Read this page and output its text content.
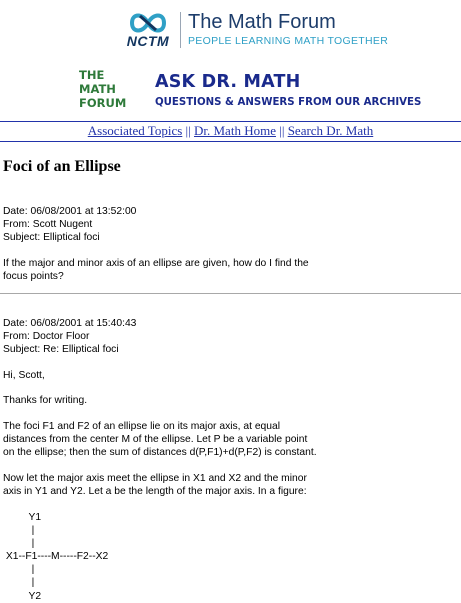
NCTM
The Math Forum
PEOPLE LEARNING MATH TOGETHER
THE
MATH
FORUM
ASK DR. MATH
QUESTIONS & ANSWERS FROM OUR ARCHIVES
Associated Topics || Dr. Math Home || Search Dr. Math
Foci of an Ellipse

Date: 06/08/2001 at 13:52:00

From: Scott Nugent

Subject: Elliptical foci

If the major and minor axis of an ellipse are given, how do I find the

focus points?

Date: 06/08/2001 at 15:40:43

From: Doctor Floor

Subject: Re: Elliptical foci

Hi, Scott,

Thanks for writing.

The foci F1 and F2 of an ellipse lie on its major axis, at equal

distances from the center M of the ellipse. Let P be a variable point

on the ellipse; then the sum of distances d(P,F1)+d(P,F2) is constant.

Now let the major axis meet the ellipse in X1 and X2 and the minor

axis in Y1 and Y2. Let a be the length of the major axis. In a figure:

Y1
|
|
X1--F1----M-----F2--X2
|
|
Y2
